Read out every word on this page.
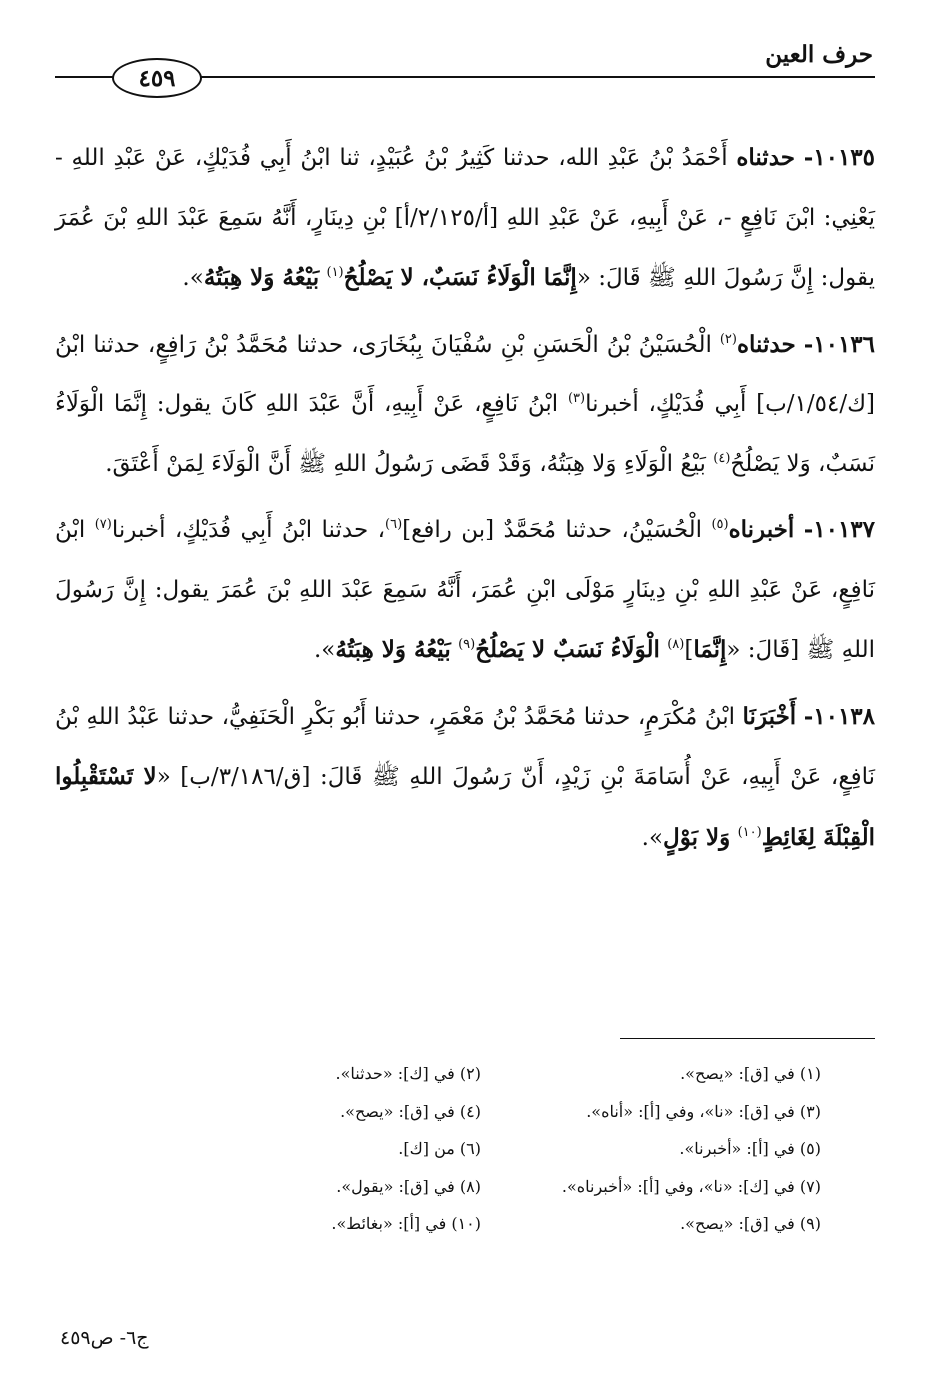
حرف العين
٤٥٩

١٠١٣٥- حدثناه أَحْمَدُ بْنُ عَبْدِ الله، حدثنا كَثِيرُ بْنُ عُبَيْدٍ، ثنا ابْنُ أَبِي فُدَيْكٍ، عَنْ عَبْدِ اللهِ - يَعْنِي: ابْنَ نَافِعٍ -، عَنْ أَبِيهِ، عَنْ عَبْدِ اللهِ [أ/٢/١٢٥/أ] بْنِ دِينَارٍ، أَنَّهُ سَمِعَ عَبْدَ اللهِ بْنَ عُمَرَ يقول: إِنَّ رَسُولَ اللهِ ﷺ قَالَ: «إِنَّمَا الْوَلَاءُ نَسَبٌ، لا يَصْلُحُ$^{(١)}$ بَيْعُهُ وَلا هِبَتُهُ».

١٠١٣٦- حدثناه$^{(٢)}$ الْحُسَيْنُ بْنُ الْحَسَنِ بْنِ سُفْيَانَ بِبُخَارَى، حدثنا مُحَمَّدُ بْنُ رَافِعٍ، حدثنا ابْنُ [ك/١/٥٤/ب] أَبِي فُدَيْكٍ، أخبرنا$^{(٣)}$ ابْنُ نَافِعٍ، عَنْ أَبِيهِ، أَنَّ عَبْدَ اللهِ كَانَ يقول: إِنَّمَا الْوَلَاءُ نَسَبٌ، وَلا يَصْلُحُ$^{(٤)}$ بَيْعُ الْوَلَاءِ وَلا هِبَتُهُ، وَقَدْ قَضَى رَسُولُ اللهِ ﷺ أَنَّ الْوَلَاءَ لِمَنْ أَعْتَقَ.

١٠١٣٧- أخبرناه$^{(٥)}$ الْحُسَيْنُ، حدثنا مُحَمَّدٌ [بن رافع]$^{(٦)}$، حدثنا ابْنُ أَبِي فُدَيْكٍ، أخبرنا$^{(٧)}$ ابْنُ نَافِعٍ، عَنْ عَبْدِ اللهِ بْنِ دِينَارٍ مَوْلَى ابْنِ عُمَرَ، أَنَّهُ سَمِعَ عَبْدَ اللهِ بْنَ عُمَرَ يقول: إِنَّ رَسُولَ اللهِ ﷺ [قَالَ: «إِنَّمَا]$^{(٨)}$ الْوَلَاءُ نَسَبٌ لا يَصْلُحُ$^{(٩)}$ بَيْعُهُ وَلا هِبَتُهُ».

١٠١٣٨- أَخْبَرَنَا ابْنُ مُكْرَمٍ، حدثنا مُحَمَّدُ بْنُ مَعْمَرٍ، حدثنا أَبُو بَكْرٍ الْحَنَفِيُّ، حدثنا عَبْدُ اللهِ بْنُ نَافِعٍ، عَنْ أَبِيهِ، عَنْ أُسَامَةَ بْنِ زَيْدٍ، أَنّ رَسُولَ اللهِ ﷺ قَالَ: [ق/٣/١٨٦/ب] «لا تَسْتَقْبِلُوا الْقِبْلَةَ لِغَائِطٍ$^{(١٠)}$ وَلا بَوْلٍ».

(١) في [ق]: «يصح».
(٢) في [ك]: «حدثنا».
(٣) في [ق]: «نا»، وفي [أ]: «أناه».
(٤) في [ق]: «يصح».
(٥) في [أ]: «أخبرنا».
(٦) من [ك].
(٧) في [ك]: «نا»، وفي [أ]: «أخبرناه».
(٨) في [ق]: «يقول».
(٩) في [ق]: «يصح».
(١٠) في [أ]: «بغائط».
ج٦- ص٤٥٩
